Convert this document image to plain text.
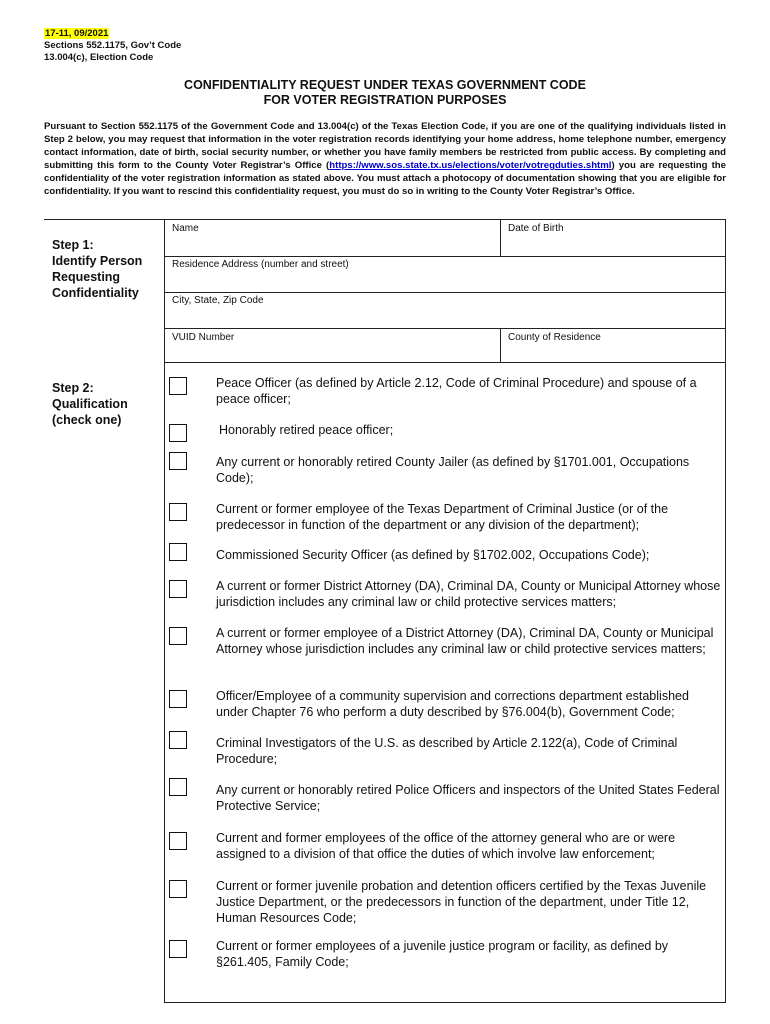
17-11, 09/2021
Sections 552.1175, Gov’t Code
13.004(c), Election Code
CONFIDENTIALITY REQUEST UNDER TEXAS GOVERNMENT CODE
FOR VOTER REGISTRATION PURPOSES
Pursuant to Section 552.1175 of the Government Code and 13.004(c) of the Texas Election Code, if you are one of the qualifying individuals listed in Step 2 below, you may request that information in the voter registration records identifying your home address, home telephone number, emergency contact information, date of birth, social security number, or whether you have family members be restricted from public access. By completing and submitting this form to the County Voter Registrar’s Office (https://www.sos.state.tx.us/elections/voter/votregduties.shtml) you are requesting the confidentiality of the voter registration information as stated above. You must attach a photocopy of documentation showing that you are eligible for confidentiality. If you want to rescind this confidentiality request, you must do so in writing to the County Voter Registrar’s Office.
Step 1:
Identify Person
Requesting
Confidentiality
Name	Date of Birth
Residence Address (number and street)
City, State, Zip Code
VUID Number	County of Residence
Step 2:
Qualification
(check one)
Peace Officer (as defined by Article 2.12, Code of Criminal Procedure) and spouse of a peace officer;
Honorably retired peace officer;
Any current or honorably retired County Jailer (as defined by §1701.001, Occupations Code);
Current or former employee of the Texas Department of Criminal Justice (or of the predecessor in function of the department or any division of the department);
Commissioned Security Officer (as defined by §1702.002, Occupations Code);
A current or former District Attorney (DA), Criminal DA, County or Municipal Attorney whose jurisdiction includes any criminal law or child protective services matters;
A current or former employee of a District Attorney (DA), Criminal DA, County or Municipal Attorney whose jurisdiction includes any criminal law or child protective services matters;
Officer/Employee of a community supervision and corrections department established under Chapter 76 who perform a duty described by §76.004(b), Government Code;
Criminal Investigators of the U.S. as described by Article 2.122(a), Code of Criminal Procedure;
Any current or honorably retired Police Officers and inspectors of the United States Federal Protective Service;
Current and former employees of the office of the attorney general who are or were assigned to a division of that office the duties of which involve law enforcement;
Current or former juvenile probation and detention officers certified by the Texas Juvenile Justice Department, or the predecessors in function of the department, under Title 12, Human Resources Code;
Current or former employees of a juvenile justice program or facility, as defined by §261.405, Family Code;
